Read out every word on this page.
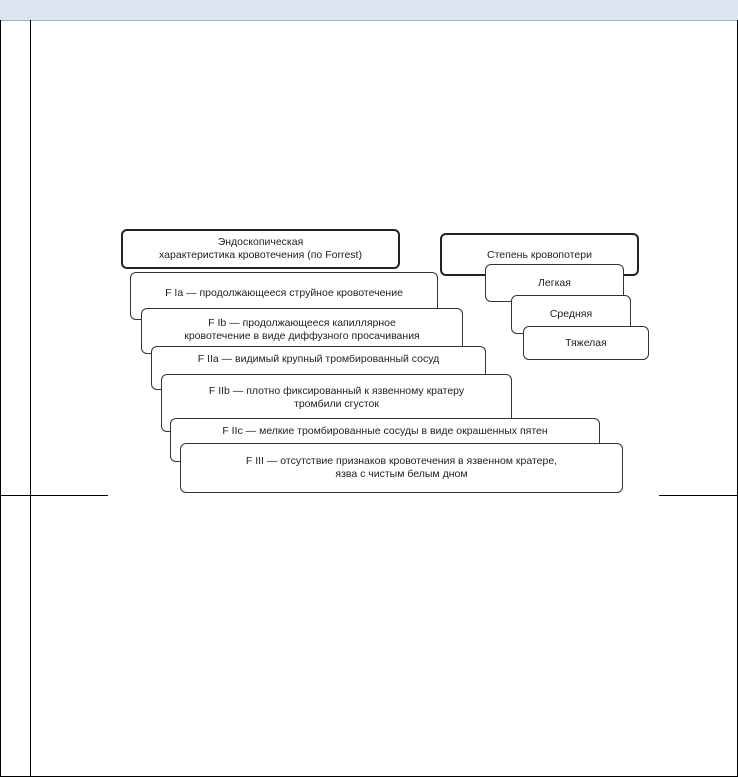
Эндоскопическая
характеристика кровотечения (по Forrest)
F Ia — продолжающееся струйное кровотечение
F Ib — продолжающееся капиллярное
кровотечение в виде диффузного просачивания
F IIa — видимый крупный тромбированный сосуд
F IIb — плотно фиксированный к язвенному кратеру
тромбили сгусток
F IIc — мелкие тромбированные сосуды в виде окрашенных пятен
F III — отсутствие признаков кровотечения в язвенном кратере,
язва с чистым белым дном
Степень кровопотери
Легкая
Средняя
Тяжелая
